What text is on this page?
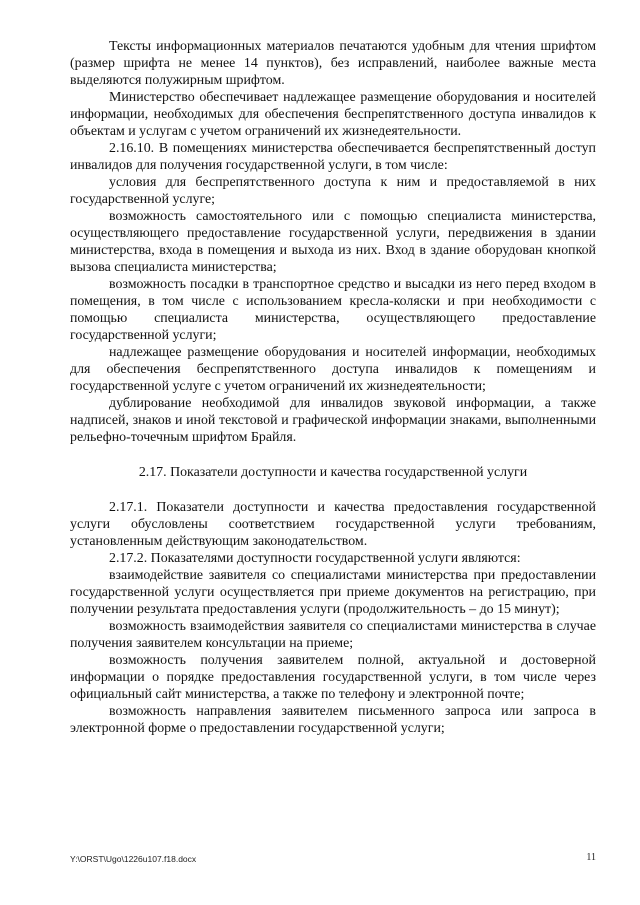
Тексты информационных материалов печатаются удобным для чтения шрифтом (размер шрифта не менее 14 пунктов), без исправлений, наиболее важные места выделяются полужирным шрифтом.

Министерство обеспечивает надлежащее размещение оборудования и носителей информации, необходимых для обеспечения беспрепятственного доступа инвалидов к объектам и услугам с учетом ограничений их жизнедеятельности.

2.16.10. В помещениях министерства обеспечивается беспрепятственный доступ инвалидов для получения государственной услуги, в том числе:

условия для беспрепятственного доступа к ним и предоставляемой в них государственной услуге;

возможность самостоятельного или с помощью специалиста министерства, осуществляющего предоставление государственной услуги, передвижения в здании министерства, входа в помещения и выхода из них. Вход в здание оборудован кнопкой вызова специалиста министерства;

возможность посадки в транспортное средство и высадки из него перед входом в помещения, в том числе с использованием кресла-коляски и при необходимости с помощью специалиста министерства, осуществляющего предоставление государственной услуги;

надлежащее размещение оборудования и носителей информации, необходимых для обеспечения беспрепятственного доступа инвалидов к помещениям и государственной услуге с учетом ограничений их жизнедеятельности;

дублирование необходимой для инвалидов звуковой информации, а также надписей, знаков и иной текстовой и графической информации знаками, выполненными рельефно-точечным шрифтом Брайля.

2.17. Показатели доступности и качества государственной услуги

2.17.1. Показатели доступности и качества предоставления государственной услуги обусловлены соответствием государственной услуги требованиям, установленным действующим законодательством.

2.17.2. Показателями доступности государственной услуги являются:

взаимодействие заявителя со специалистами министерства при предоставлении государственной услуги осуществляется при приеме документов на регистрацию, при получении результата предоставления услуги (продолжительность – до 15 минут);

возможность взаимодействия заявителя со специалистами министерства в случае получения заявителем консультации на приеме;

возможность получения заявителем полной, актуальной и достоверной информации о порядке предоставления государственной услуги, в том числе через официальный сайт министерства, а также по телефону и электронной почте;

возможность направления заявителем письменного запроса или запроса в электронной форме о предоставлении государственной услуги;

Y:\ORST\Ugo\1226u107.f18.docx	11
